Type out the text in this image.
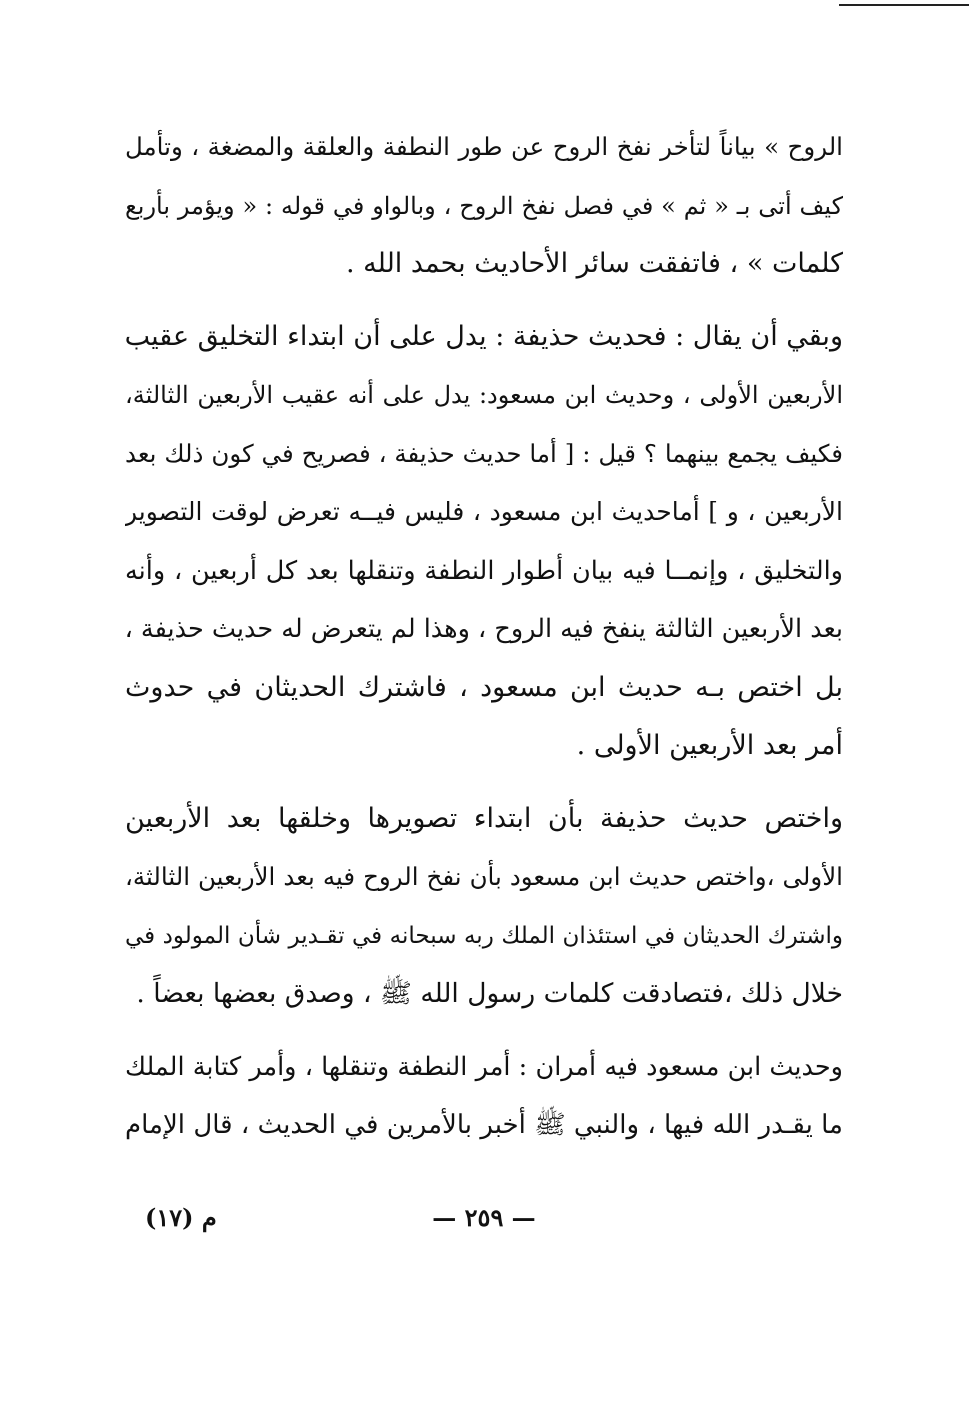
الروح » بياناً لتأخر نفخ الروح عن طور النطفة والعلقة والمضغة ، وتأمل
كيف أتى بـ « ثم » في فصل نفخ الروح ، وبالواو في قوله : « ويؤمر بأربع
كلمات » ، فاتفقت سائر الأحاديث بحمد الله .
وبقي أن يقال : فحديث حذيفة : يدل على أن ابتداء التخليق عقيب
الأربعين الأولى ، وحديث ابن مسعود: يدل على أنه عقيب الأربعين الثالثة،
فكيف يجمع بينهما ؟ قيل : [ أما حديث حذيفة ، فصريح في كون ذلك بعد
الأربعين ، و ] أماحديث ابن مسعود ، فليس فيــه تعرض لوقت التصوير
والتخليق ، وإنمــا فيه بيان أطوار النطفة وتنقلها بعد كل أربعين ، وأنه
بعد الأربعين الثالثة ينفخ فيه الروح ، وهذا لم يتعرض له حديث حذيفة ،
بل اختص بـه حديث ابن مسعود ، فاشترك الحديثان في حدوث
أمر بعد الأربعين الأولى .
واختص حديث حذيفة بأن ابتداء تصويرها وخلقها بعد الأربعين
الأولى ،واختص حديث ابن مسعود بأن نفخ الروح فيه بعد الأربعين الثالثة،
واشترك الحديثان في استئذان الملك ربه سبحانه في تقـدير شأن المولود في
خلال ذلك ،فتصادقت كلمات رسول الله ﷺ ، وصدق بعضها بعضاً .
وحديث ابن مسعود فيه أمران : أمر النطفة وتنقلها ، وأمر كتابة الملك
ما يقـدر الله فيها ، والنبي ﷺ أخبر بالأمرين في الحديث ، قال الإمام
— ٢٥٩ —
م (١٧)
